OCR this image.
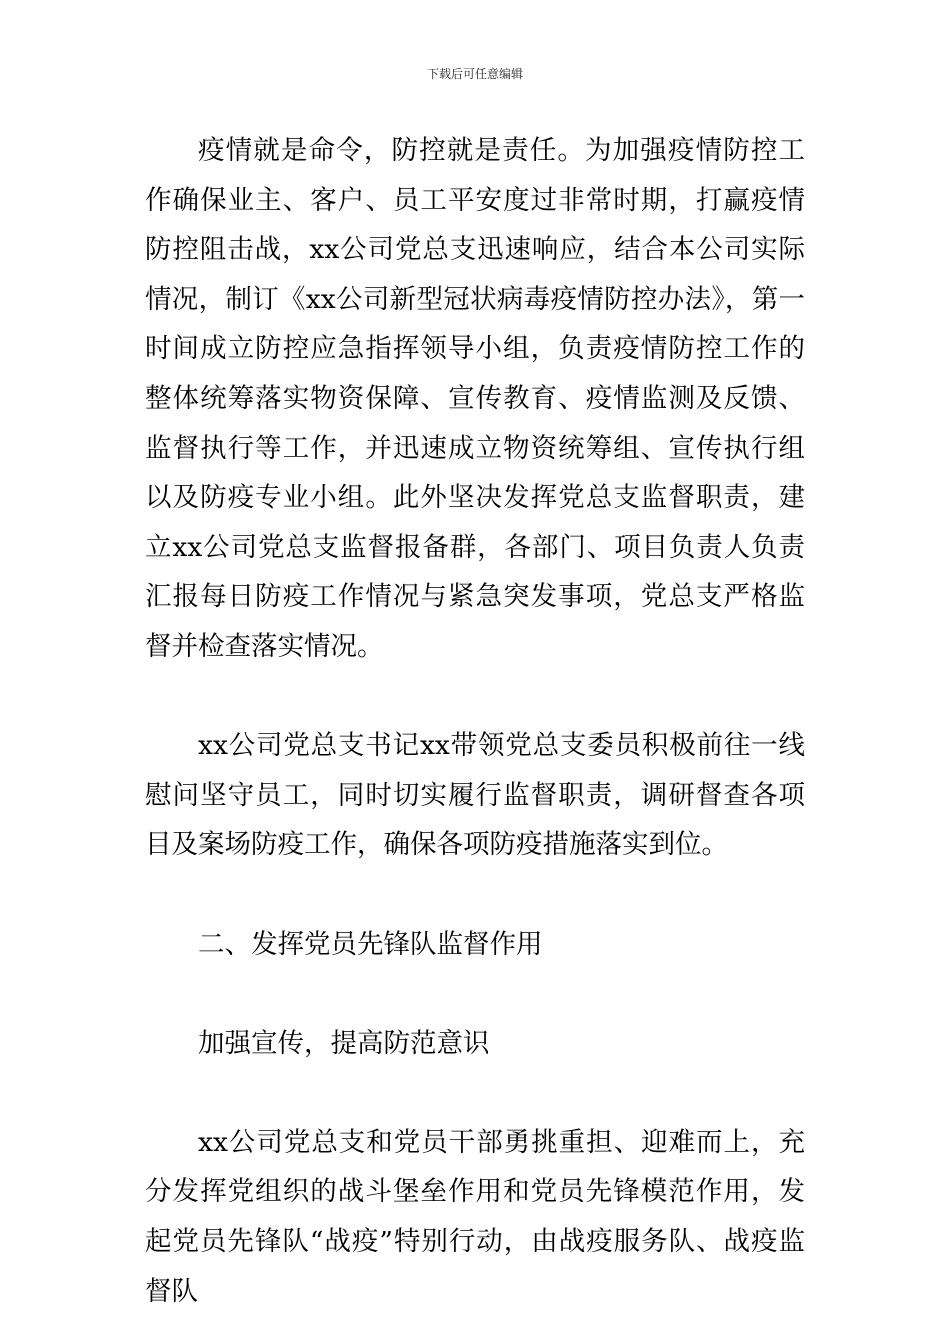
下载后可任意编辑

疫情就是命令，防控就是责任。为加强疫情防控工作确保业主、客户、员工平安度过非常时期，打赢疫情防控阻击战，xx公司党总支迅速响应，结合本公司实际情况，制订《xx公司新型冠状病毒疫情防控办法》，第一时间成立防控应急指挥领导小组，负责疫情防控工作的整体统筹落实物资保障、宣传教育、疫情监测及反馈、监督执行等工作，并迅速成立物资统筹组、宣传执行组以及防疫专业小组。此外坚决发挥党总支监督职责，建立xx公司党总支监督报备群，各部门、项目负责人负责汇报每日防疫工作情况与紧急突发事项，党总支严格监督并检查落实情况。

xx公司党总支书记xx带领党总支委员积极前往一线慰问坚守员工，同时切实履行监督职责，调研督查各项目及案场防疫工作，确保各项防疫措施落实到位。

二、发挥党员先锋队监督作用

加强宣传，提高防范意识

xx公司党总支和党员干部勇挑重担、迎难而上，充分发挥党组织的战斗堡垒作用和党员先锋模范作用，发起党员先锋队“战疫”特别行动，由战疫服务队、战疫监督队
